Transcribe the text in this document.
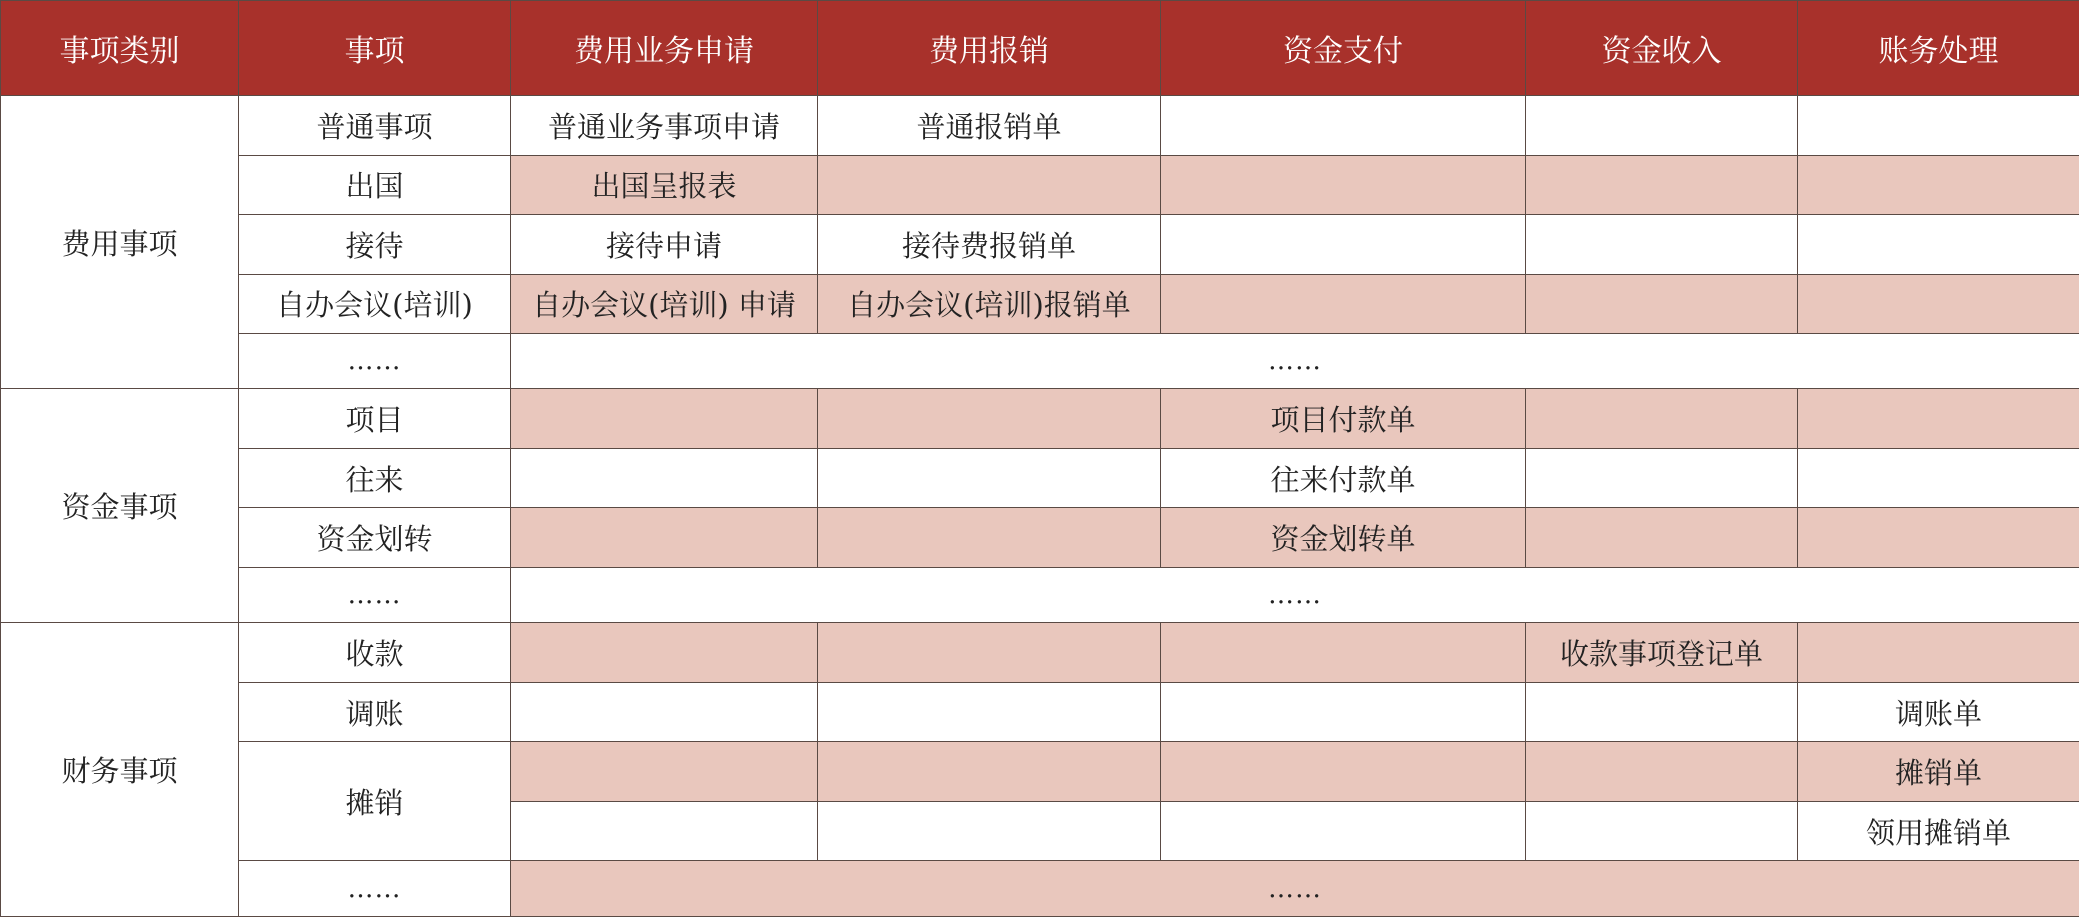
事项类别	事项	费用业务申请	费用报销	资金支付	资金收入	账务处理
费用事项	普通事项	普通业务事项申请	普通报销单			
	出国	出国呈报表				
	接待	接待申请	接待费报销单			
	自办会议(培训)	自办会议(培训) 申请	自办会议(培训)报销单			
	……	……				
资金事项	项目			项目付款单		
	往来			往来付款单		
	资金划转			资金划转单		
	……	……				
财务事项	收款				收款事项登记单	
	调账					调账单
	摊销					摊销单
						领用摊销单
	……	……				
